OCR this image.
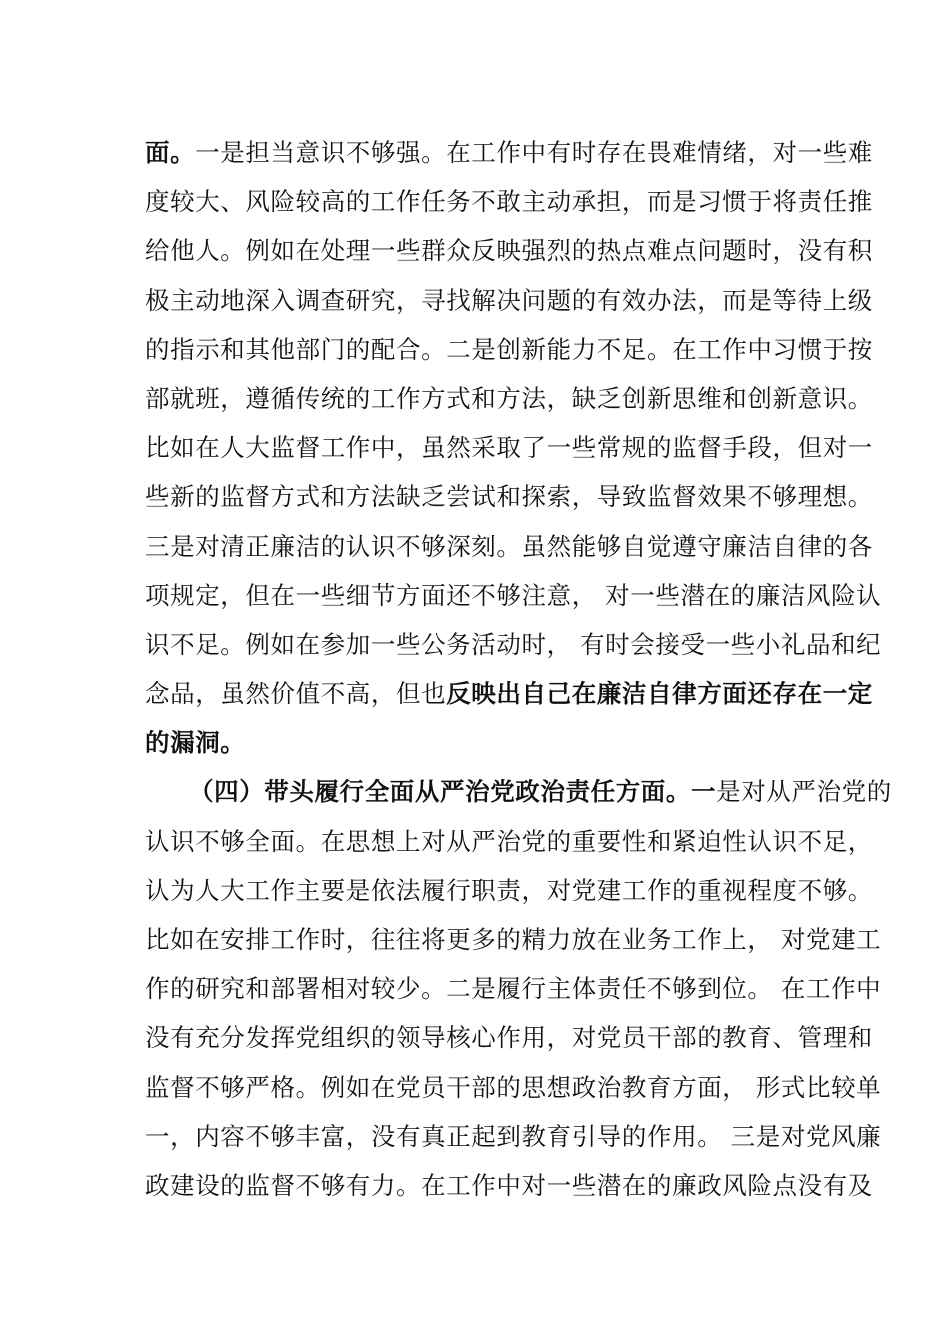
面。一是担当意识不够强。在工作中有时存在畏难情绪，对一些难
度较大、风险较高的工作任务不敢主动承担，而是习惯于将责任推
给他人。例如在处理一些群众反映强烈的热点难点问题时，没有积
极主动地深入调查研究，寻找解决问题的有效办法，而是等待上级
的指示和其他部门的配合。二是创新能力不足。在工作中习惯于按
部就班，遵循传统的工作方式和方法，缺乏创新思维和创新意识。
比如在人大监督工作中，虽然采取了一些常规的监督手段，但对一
些新的监督方式和方法缺乏尝试和探索，导致监督效果不够理想。
三是对清正廉洁的认识不够深刻。虽然能够自觉遵守廉洁自律的各
项规定，但在一些细节方面还不够注意， 对一些潜在的廉洁风险认
识不足。例如在参加一些公务活动时， 有时会接受一些小礼品和纪
念品，虽然价值不高，但也反映出自己在廉洁自律方面还存在一定
的漏洞。
（四）带头履行全面从严治党政治责任方面。一是对从严治党的
认识不够全面。在思想上对从严治党的重要性和紧迫性认识不足，
认为人大工作主要是依法履行职责，对党建工作的重视程度不够。
比如在安排工作时，往往将更多的精力放在业务工作上， 对党建工
作的研究和部署相对较少。二是履行主体责任不够到位。 在工作中
没有充分发挥党组织的领导核心作用，对党员干部的教育、管理和
监督不够严格。例如在党员干部的思想政治教育方面， 形式比较单
一，内容不够丰富，没有真正起到教育引导的作用。 三是对党风廉
政建设的监督不够有力。在工作中对一些潜在的廉政风险点没有及
